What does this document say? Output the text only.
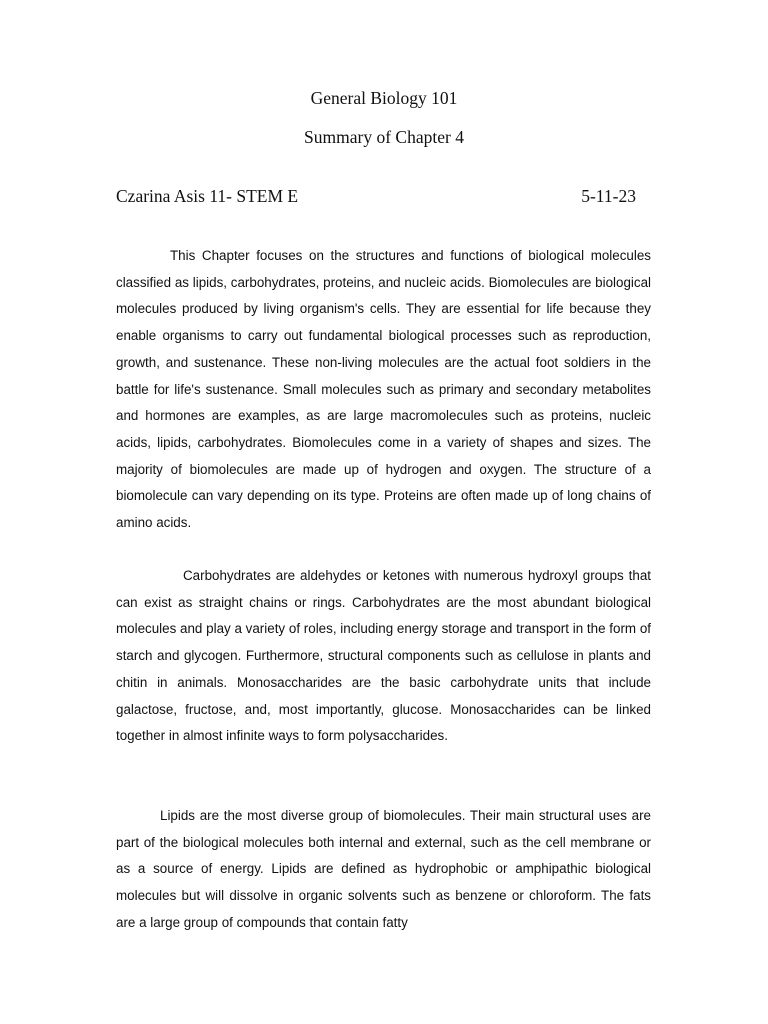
General Biology 101
Summary of Chapter 4
Czarina Asis 11- STEM E	5-11-23
This Chapter focuses on the structures and functions of biological molecules classified as lipids, carbohydrates, proteins, and nucleic acids. Biomolecules are biological molecules produced by living organism's cells. They are essential for life because they enable organisms to carry out fundamental biological processes such as reproduction, growth, and sustenance. These non-living molecules are the actual foot soldiers in the battle for life's sustenance. Small molecules such as primary and secondary metabolites and hormones are examples, as are large macromolecules such as proteins, nucleic acids, lipids, carbohydrates. Biomolecules come in a variety of shapes and sizes. The majority of biomolecules are made up of hydrogen and oxygen. The structure of a biomolecule can vary depending on its type. Proteins are often made up of long chains of amino acids.
Carbohydrates are aldehydes or ketones with numerous hydroxyl groups that can exist as straight chains or rings. Carbohydrates are the most abundant biological molecules and play a variety of roles, including energy storage and transport in the form of starch and glycogen. Furthermore, structural components such as cellulose in plants and chitin in animals. Monosaccharides are the basic carbohydrate units that include galactose, fructose, and, most importantly, glucose. Monosaccharides can be linked together in almost infinite ways to form polysaccharides.
Lipids are the most diverse group of biomolecules. Their main structural uses are part of the biological molecules both internal and external, such as the cell membrane or as a source of energy. Lipids are defined as hydrophobic or amphipathic biological molecules but will dissolve in organic solvents such as benzene or chloroform. The fats are a large group of compounds that contain fatty
